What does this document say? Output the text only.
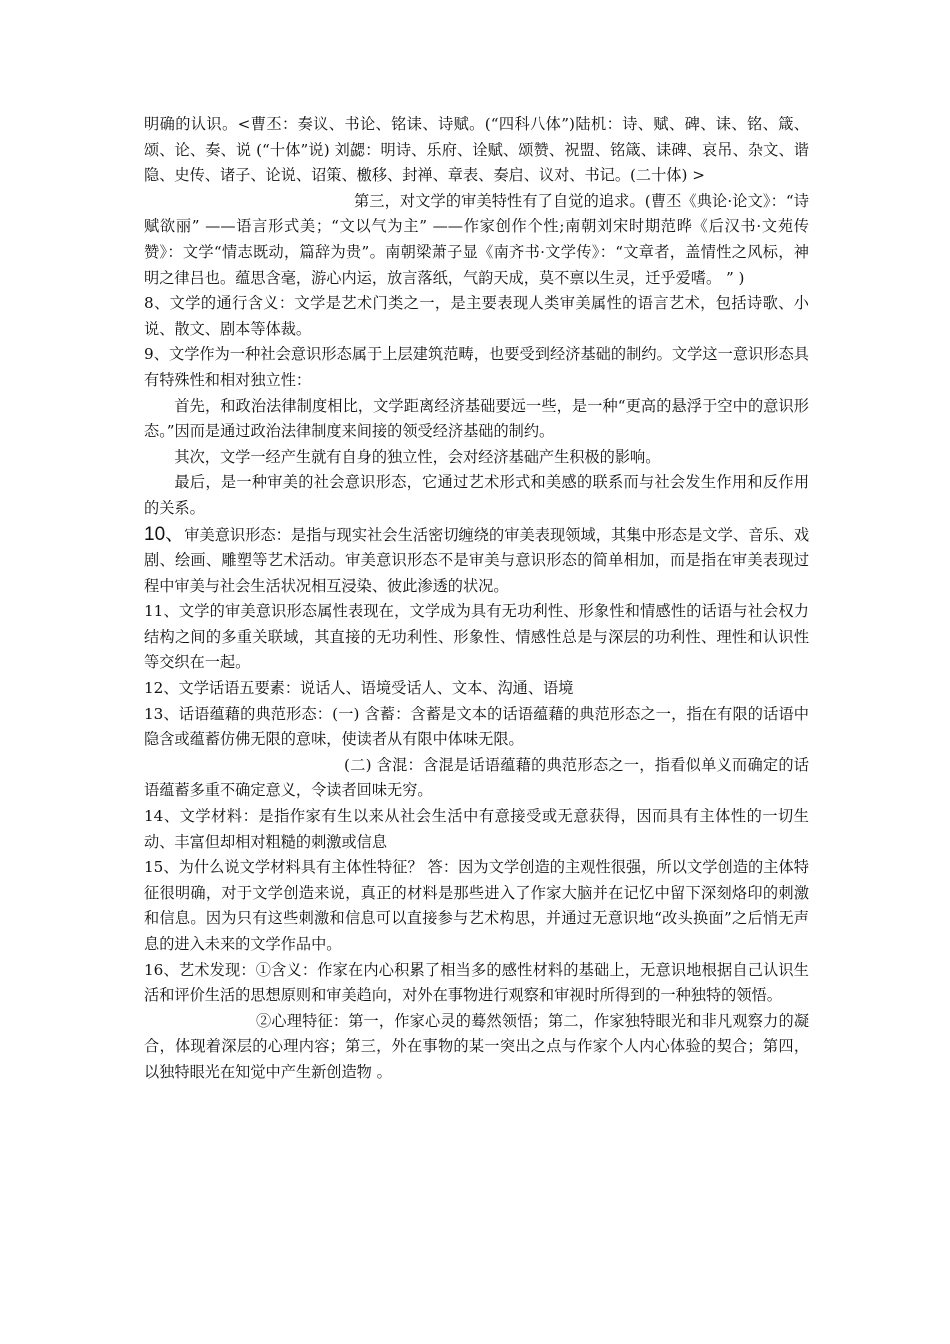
明确的认识。<曹丕：奏议、书论、铭诔、诗赋。(“四科八体”)陆机：诗、赋、碑、诔、铭、箴、颂、论、奏、说 (“十体”说) 刘勰：明诗、乐府、诠赋、颂赞、祝盟、铭箴、诔碑、哀吊、杂文、谐隐、史传、诸子、论说、诏策、檄移、封禅、章表、奏启、议对、书记。(二十体) >

第三，对文学的审美特性有了自觉的追求。(曹丕《典论·论文》：“诗赋欲丽” ——语言形式美；“文以气为主” ——作家创作个性;南朝刘宋时期范晔《后汉书·文苑传赞》：文学“情志既动，篇辞为贵”。南朝梁萧子显《南齐书·文学传》：“文章者，盖情性之风标，神明之律吕也。蕴思含毫，游心内运，放言落纸，气韵天成，莫不禀以生灵，迁乎爱嗜。 ” )

8、文学的通行含义：文学是艺术门类之一，是主要表现人类审美属性的语言艺术，包括诗歌、小说、散文、剧本等体裁。

9、文学作为一种社会意识形态属于上层建筑范畴，也要受到经济基础的制约。文学这一意识形态具有特殊性和相对独立性：

首先，和政治法律制度相比，文学距离经济基础要远一些，是一种“更高的悬浮于空中的意识形态。”因而是通过政治法律制度来间接的领受经济基础的制约。

其次，文学一经产生就有自身的独立性，会对经济基础产生积极的影响。

最后，是一种审美的社会意识形态，它通过艺术形式和美感的联系而与社会发生作用和反作用的关系。

10、审美意识形态：是指与现实社会生活密切缠绕的审美表现领域，其集中形态是文学、音乐、戏剧、绘画、雕塑等艺术活动。审美意识形态不是审美与意识形态的简单相加，而是指在审美表现过程中审美与社会生活状况相互浸染、彼此渗透的状况。

11、文学的审美意识形态属性表现在，文学成为具有无功利性、形象性和情感性的话语与社会权力结构之间的多重关联域，其直接的无功利性、形象性、情感性总是与深层的功利性、理性和认识性等交织在一起。

12、文学话语五要素：说话人、语境受话人、文本、沟通、语境

13、话语蕴藉的典范形态：(一) 含蓄：含蓄是文本的话语蕴藉的典范形态之一，指在有限的话语中隐含或蕴蓄仿佛无限的意味，使读者从有限中体味无限。

(二) 含混：含混是话语蕴藉的典范形态之一，指看似单义而确定的话语蕴蓄多重不确定意义，令读者回味无穷。

14、文学材料：是指作家有生以来从社会生活中有意接受或无意获得，因而具有主体性的一切生动、丰富但却相对粗糙的刺激或信息

15、为什么说文学材料具有主体性特征？ 答：因为文学创造的主观性很强，所以文学创造的主体特征很明确，对于文学创造来说，真正的材料是那些进入了作家大脑并在记忆中留下深刻烙印的刺激和信息。因为只有这些刺激和信息可以直接参与艺术构思，并通过无意识地“改头换面”之后悄无声息的进入未来的文学作品中。

16、艺术发现：①含义：作家在内心积累了相当多的感性材料的基础上，无意识地根据自己认识生活和评价生活的思想原则和审美趋向，对外在事物进行观察和审视时所得到的一种独特的领悟。

②心理特征：第一，作家心灵的蓦然领悟；第二，作家独特眼光和非凡观察力的凝合，体现着深层的心理内容；第三，外在事物的某一突出之点与作家个人内心体验的契合；第四，以独特眼光在知觉中产生新创造物 。
